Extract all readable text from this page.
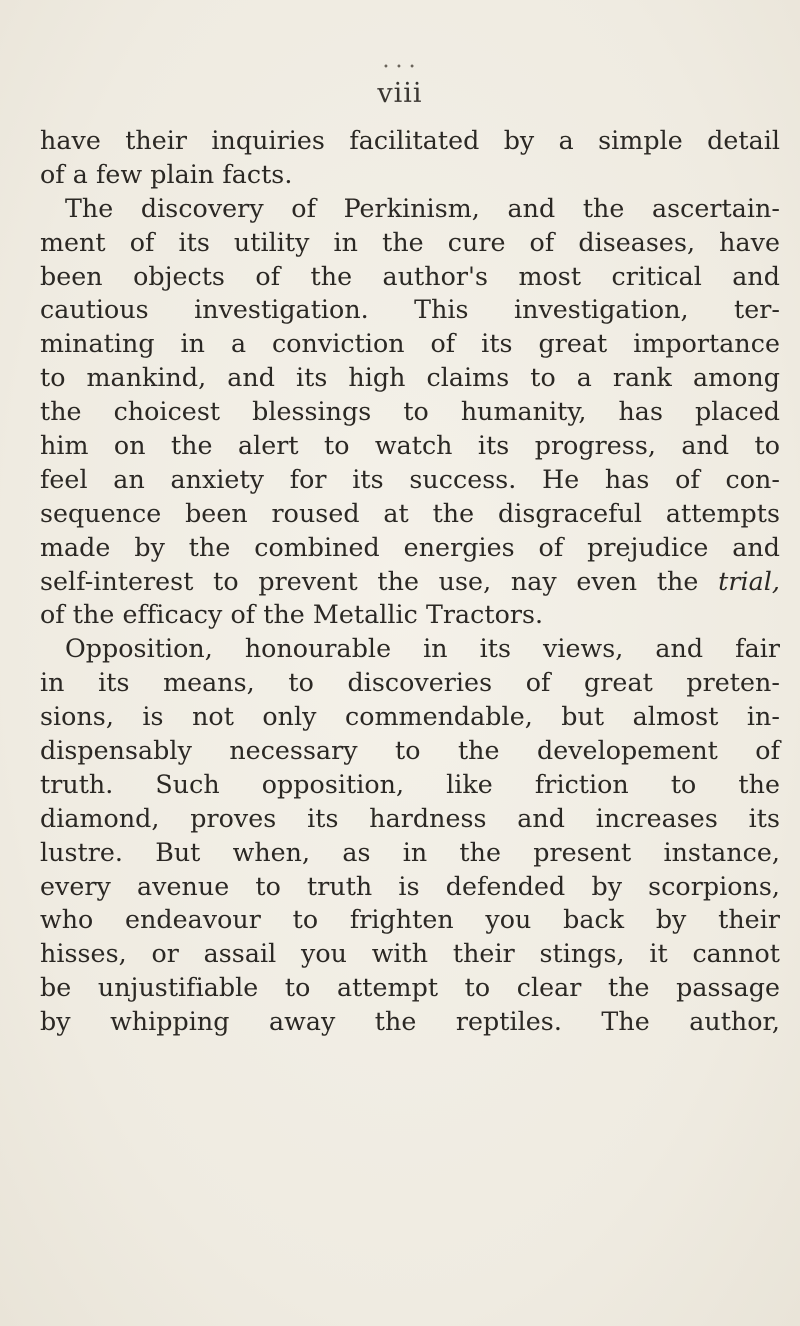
• • •
viii
have their inquiries facilitated by a simple detail
of a few plain facts.
The discovery of Perkinism, and the ascertain-
ment of its utility in the cure of diseases, have
been objects of the author's most critical and
cautious investigation. This investigation, ter-
minating in a conviction of its great importance
to mankind, and its high claims to a rank among
the choicest blessings to humanity, has placed
him on the alert to watch its progress, and to
feel an anxiety for its success. He has of con-
sequence been roused at the disgraceful attempts
made by the combined energies of prejudice and
self-interest to prevent the use, nay even the trial,
of the efficacy of the Metallic Tractors.
Opposition, honourable in its views, and fair
in its means, to discoveries of great preten-
sions, is not only commendable, but almost in-
dispensably necessary to the developement of
truth. Such opposition, like friction to the
diamond, proves its hardness and increases its
lustre. But when, as in the present instance,
every avenue to truth is defended by scorpions,
who endeavour to frighten you back by their
hisses, or assail you with their stings, it cannot
be unjustifiable to attempt to clear the passage
by whipping away the reptiles. The author,
